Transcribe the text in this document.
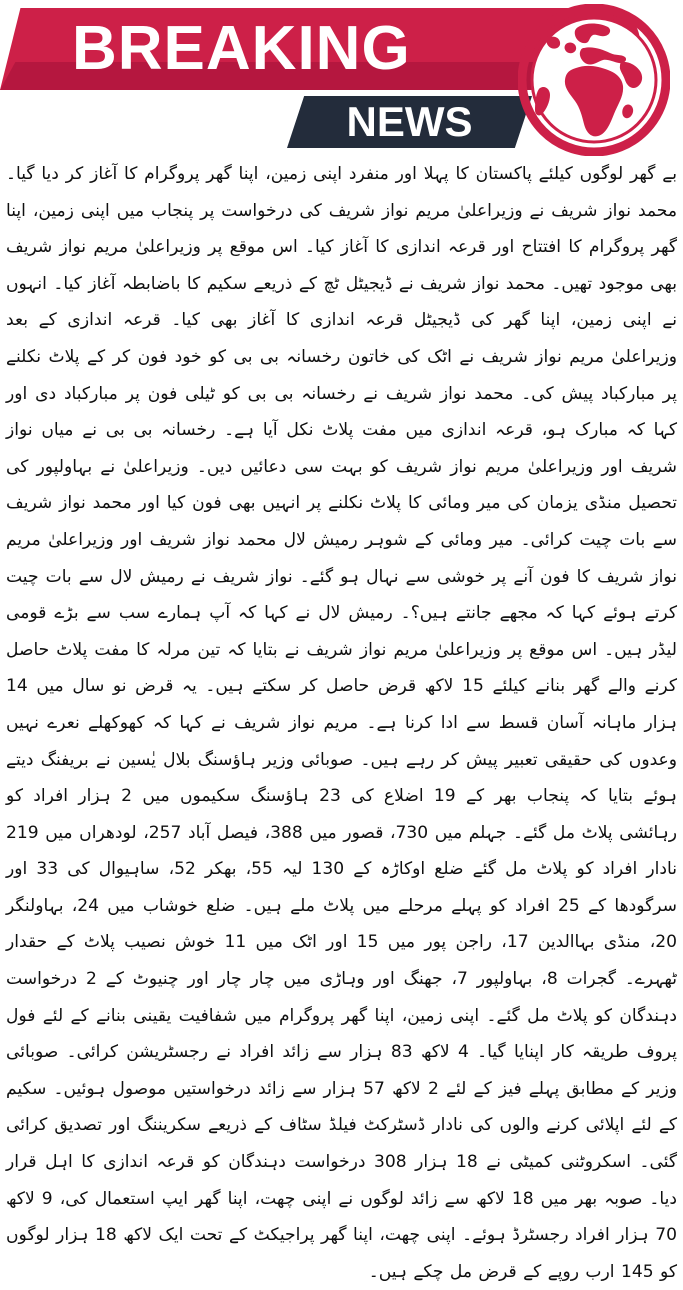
BREAKING
NEWS

بے گھر لوگوں کیلئے پاکستان کا پہلا اور منفرد اپنی زمین، اپنا گھر پروگرام کا آغاز کر دیا گیا۔ محمد نواز شریف نے وزیراعلیٰ مریم نواز شریف کی درخواست پر پنجاب میں اپنی زمین، اپنا گھر پروگرام کا افتتاح اور قرعہ اندازی کا آغاز کیا۔ اس موقع پر وزیراعلیٰ مریم نواز شریف بھی موجود تھیں۔ محمد نواز شریف نے ڈیجیٹل ٹچ کے ذریعے سکیم کا باضابطہ آغاز کیا۔ انہوں نے اپنی زمین، اپنا گھر کی ڈیجیٹل قرعہ اندازی کا آغاز بھی کیا۔ قرعہ اندازی کے بعد وزیراعلیٰ مریم نواز شریف نے اٹک کی خاتون رخسانہ بی بی کو خود فون کر کے پلاٹ نکلنے پر مبارکباد پیش کی۔ محمد نواز شریف نے رخسانہ بی بی کو ٹیلی فون پر مبارکباد دی اور کہا کہ مبارک ہو، قرعہ اندازی میں مفت پلاٹ نکل آیا ہے۔ رخسانہ بی بی نے میاں نواز شریف اور وزیراعلیٰ مریم نواز شریف کو بہت سی دعائیں دیں۔ وزیراعلیٰ نے بہاولپور کی تحصیل منڈی یزمان کی میر ومائی کا پلاٹ نکلنے پر انہیں بھی فون کیا اور محمد نواز شریف سے بات چیت کرائی۔ میر ومائی کے شوہر رمیش لال محمد نواز شریف اور وزیراعلیٰ مریم نواز شریف کا فون آنے پر خوشی سے نہال ہو گئے۔ نواز شریف نے رمیش لال سے بات چیت کرتے ہوئے کہا کہ مجھے جانتے ہیں؟۔ رمیش لال نے کہا کہ آپ ہمارے سب سے بڑے قومی لیڈر ہیں۔ اس موقع پر وزیراعلیٰ مریم نواز شریف نے بتایا کہ تین مرلہ کا مفت پلاٹ حاصل کرنے والے گھر بنانے کیلئے 15 لاکھ قرض حاصل کر سکتے ہیں۔ یہ قرض نو سال میں 14 ہزار ماہانہ آسان قسط سے ادا کرنا ہے۔ مریم نواز شریف نے کہا کہ کھوکھلے نعرے نہیں وعدوں کی حقیقی تعبیر پیش کر رہے ہیں۔ صوبائی وزیر ہاؤسنگ بلال یٰسین نے بریفنگ دیتے ہوئے بتایا کہ پنجاب بھر کے 19 اضلاع کی 23 ہاؤسنگ سکیموں میں 2 ہزار افراد کو رہائشی پلاٹ مل گئے۔ جہلم میں 730، قصور میں 388، فیصل آباد 257، لودھراں میں 219 نادار افراد کو پلاٹ مل گئے ضلع اوکاڑہ کے 130 لیہ 55، بھکر 52، ساہیوال کی 33 اور سرگودھا کے 25 افراد کو پہلے مرحلے میں پلاٹ ملے ہیں۔ ضلع خوشاب میں 24، بہاولنگر 20، منڈی بہاالدین 17، راجن پور میں 15 اور اٹک میں 11 خوش نصیب پلاٹ کے حقدار ٹھہرے۔ گجرات 8، بہاولپور 7، جھنگ اور وہاڑی میں چار چار اور چنیوٹ کے 2 درخواست دہندگان کو پلاٹ مل گئے۔ اپنی زمین، اپنا گھر پروگرام میں شفافیت یقینی بنانے کے لئے فول پروف طریقہ کار اپنایا گیا۔ 4 لاکھ 83 ہزار سے زائد افراد نے رجسٹریشن کرائی۔ صوبائی وزیر کے مطابق پہلے فیز کے لئے 2 لاکھ 57 ہزار سے زائد درخواستیں موصول ہوئیں۔ سکیم کے لئے اپلائی کرنے والوں کی نادار ڈسٹرکٹ فیلڈ سٹاف کے ذریعے سکریننگ اور تصدیق کرائی گئی۔ اسکروٹنی کمیٹی نے 18 ہزار 308 درخواست دہندگان کو قرعہ اندازی کا اہل قرار دیا۔ صوبہ بھر میں 18 لاکھ سے زائد لوگوں نے اپنی چھت، اپنا گھر ایپ استعمال کی، 9 لاکھ 70 ہزار افراد رجسٹرڈ ہوئے۔ اپنی چھت، اپنا گھر پراجیکٹ کے تحت ایک لاکھ 18 ہزار لوگوں کو 145 ارب روپے کے قرض مل چکے ہیں۔
